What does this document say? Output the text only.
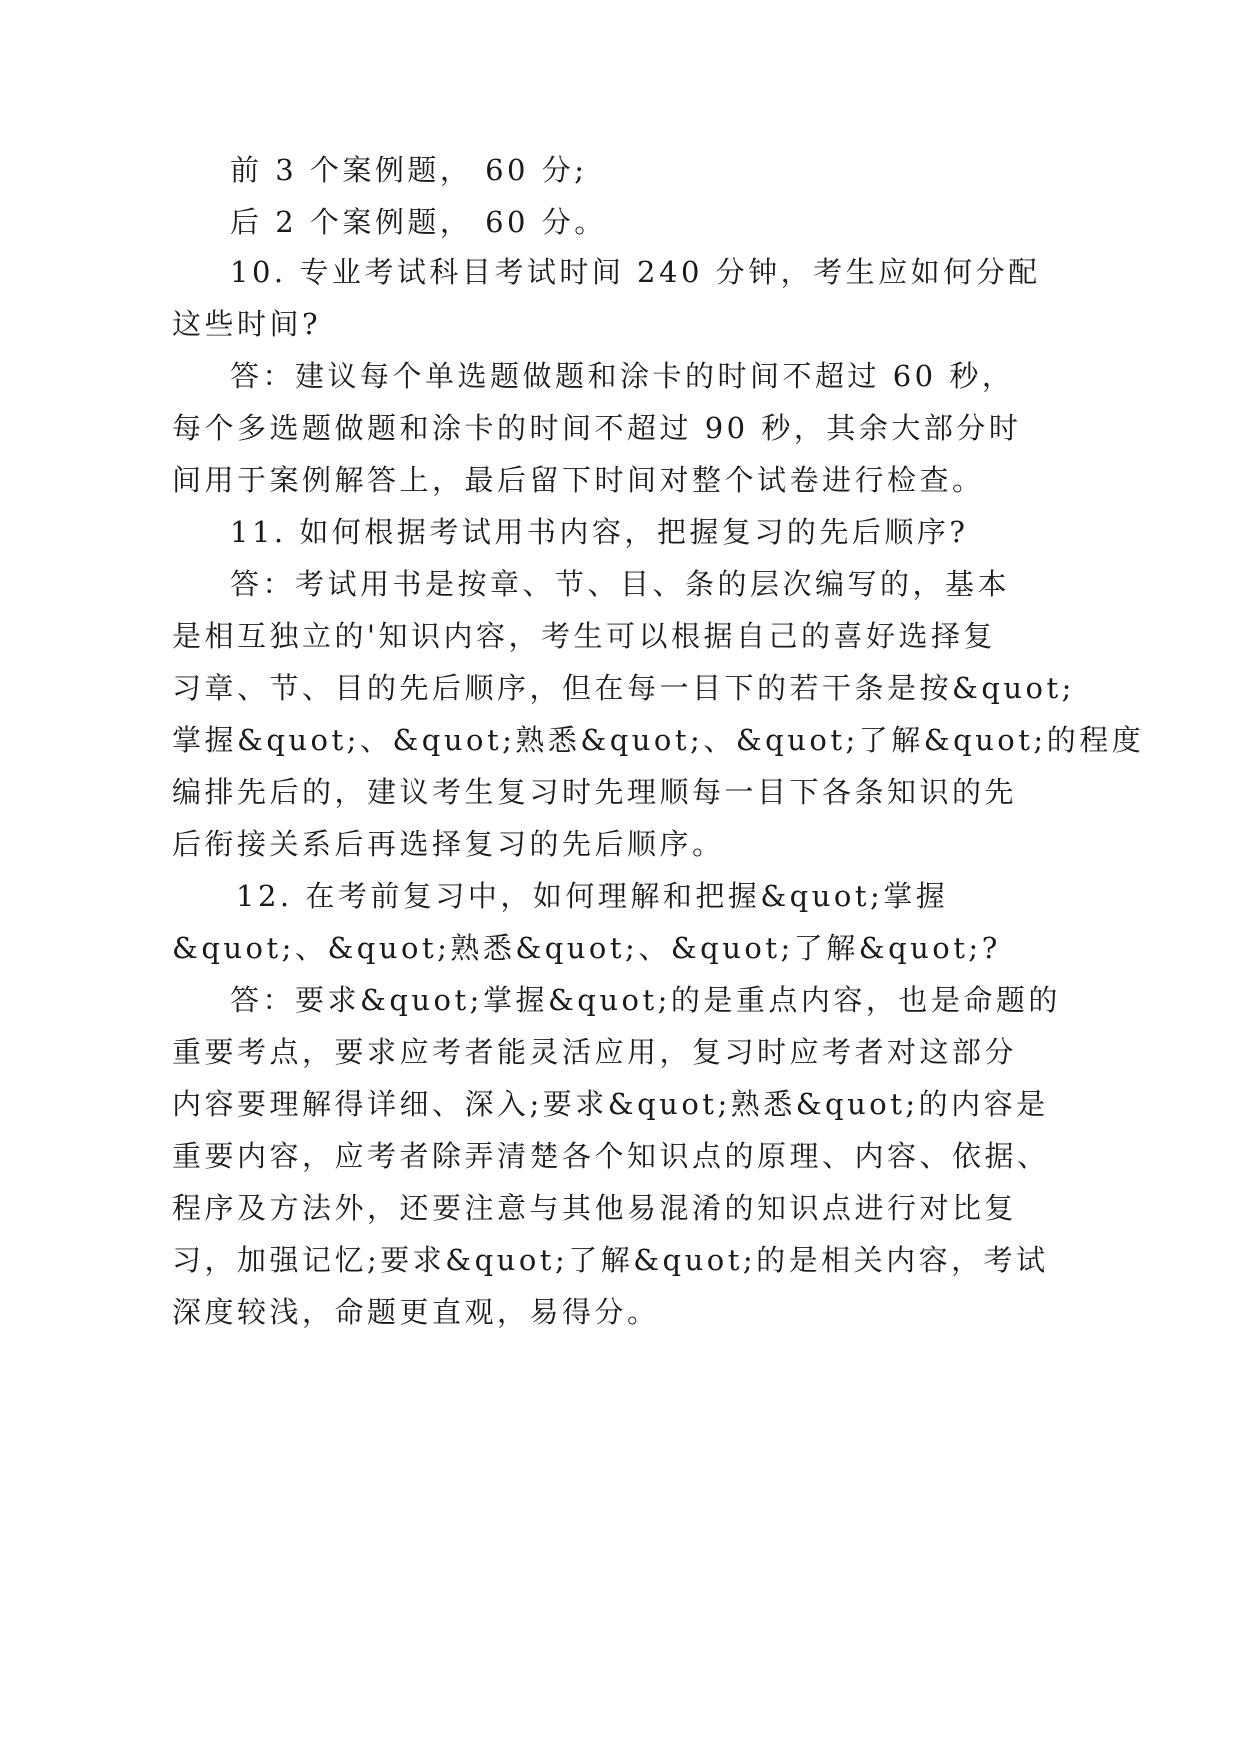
前 3 个案例题， 60 分;
后 2 个案例题， 60 分。
10. 专业考试科目考试时间 240 分钟，考生应如何分配
这些时间?
答：建议每个单选题做题和涂卡的时间不超过 60 秒，
每个多选题做题和涂卡的时间不超过 90 秒，其余大部分时
间用于案例解答上，最后留下时间对整个试卷进行检查。
11. 如何根据考试用书内容，把握复习的先后顺序?
答：考试用书是按章、节、目、条的层次编写的，基本
是相互独立的'知识内容，考生可以根据自己的喜好选择复
习章、节、目的先后顺序，但在每一目下的若干条是按&quot;
掌握&quot;、&quot;熟悉&quot;、&quot;了解&quot;的程度
编排先后的，建议考生复习时先理顺每一目下各条知识的先
后衔接关系后再选择复习的先后顺序。
12. 在考前复习中，如何理解和把握&quot;掌握
&quot;、&quot;熟悉&quot;、&quot;了解&quot;?
答：要求&quot;掌握&quot;的是重点内容，也是命题的
重要考点，要求应考者能灵活应用，复习时应考者对这部分
内容要理解得详细、深入;要求&quot;熟悉&quot;的内容是
重要内容，应考者除弄清楚各个知识点的原理、内容、依据、
程序及方法外，还要注意与其他易混淆的知识点进行对比复
习，加强记忆;要求&quot;了解&quot;的是相关内容，考试
深度较浅，命题更直观，易得分。
